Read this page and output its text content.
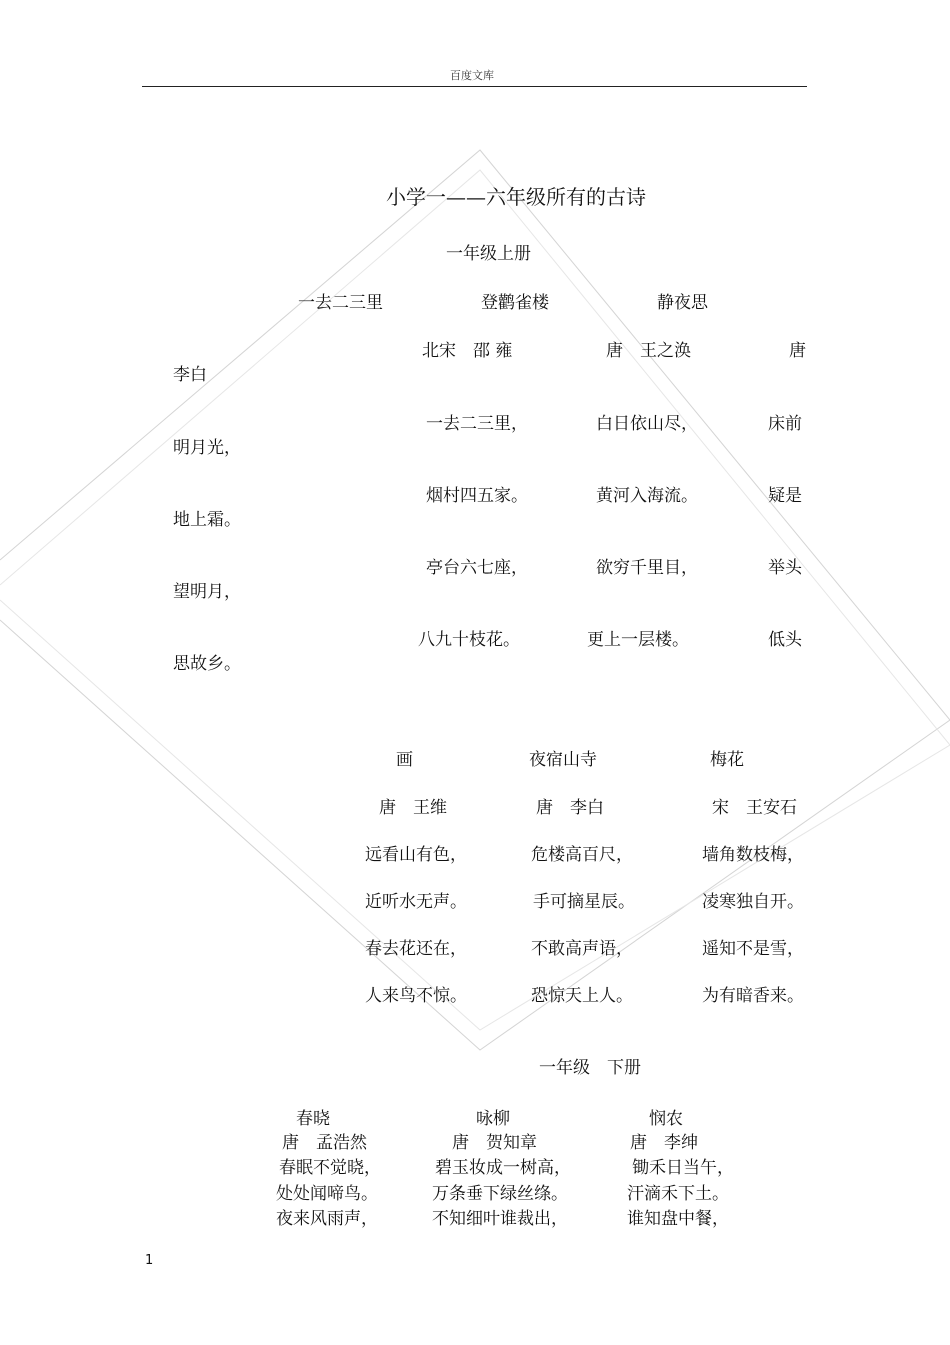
百度文库
小学一——六年级所有的古诗
一年级上册
一去二三里	登鹳雀楼	静夜思
北宋　邵 雍	唐　王之涣	唐
李白
一去二三里，	白日依山尽，	床前
明月光，
烟村四五家。	黄河入海流。	疑是
地上霜。
亭台六七座，	欲穷千里目，	举头
望明月，
八九十枝花。	更上一层楼。	低头
思故乡。
画	夜宿山寺	梅花
唐　王维	唐　李白	宋　王安石
远看山有色，	危楼高百尺，	墙角数枝梅，
近听水无声。	手可摘星辰。	凌寒独自开。
春去花还在，	不敢高声语，	遥知不是雪，
人来鸟不惊。	恐惊天上人。	为有暗香来。
一年级　下册
春晓	咏柳	悯农
唐　孟浩然	唐　贺知章	唐　李绅
春眠不觉晓，	碧玉妆成一树高，	锄禾日当午，
处处闻啼鸟。	万条垂下绿丝绦。	汗滴禾下土。
夜来风雨声，	不知细叶谁裁出，	谁知盘中餐，
1
